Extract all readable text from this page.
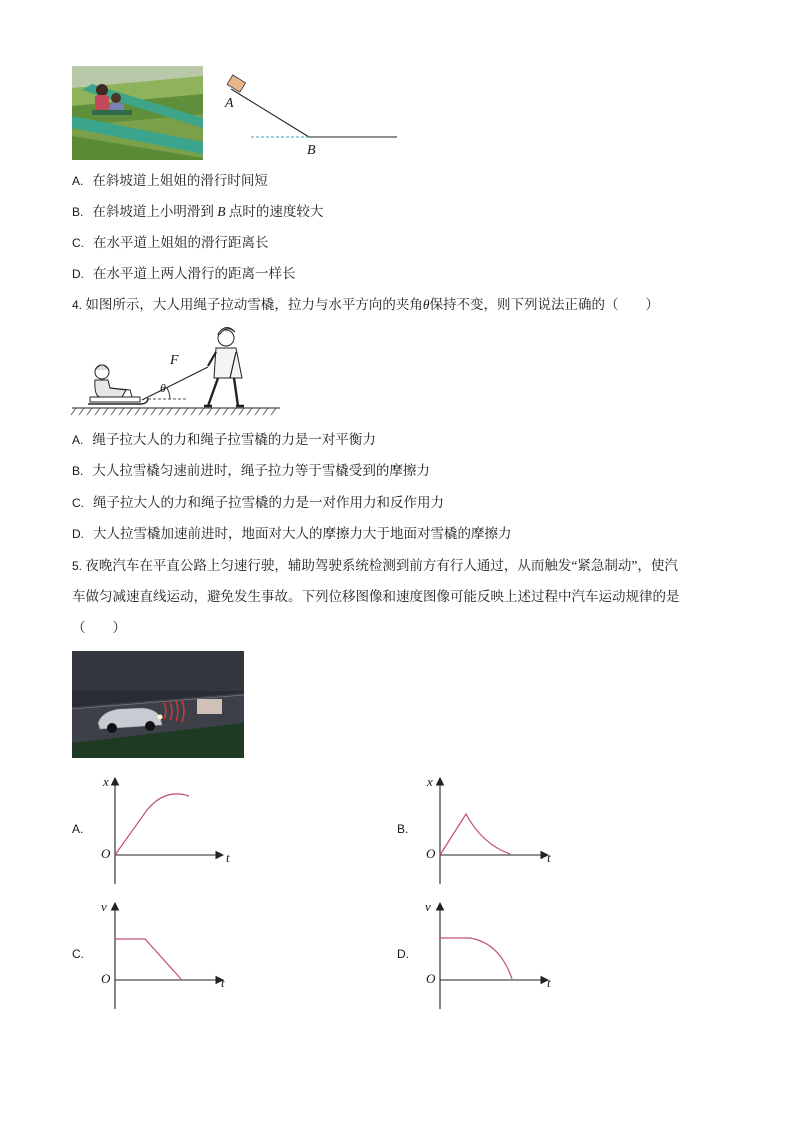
A
B
A. 在斜坡道上姐姐的滑行时间短
B. 在斜坡道上小明滑到 B 点时的速度较大
C. 在水平道上姐姐的滑行距离长
D. 在水平道上两人滑行的距离一样长
4. 如图所示，大人用绳子拉动雪橇，拉力与水平方向的夹角θ保持不变，则下列说法正确的（　　）
F
θ
A. 绳子拉大人的力和绳子拉雪橇的力是一对平衡力
B. 大人拉雪橇匀速前进时，绳子拉力等于雪橇受到的摩擦力
C. 绳子拉大人的力和绳子拉雪橇的力是一对作用力和反作用力
D. 大人拉雪橇加速前进时，地面对大人的摩擦力大于地面对雪橇的摩擦力
5. 夜晚汽车在平直公路上匀速行驶，辅助驾驶系统检测到前方有行人通过，从而触发“紧急制动”，使汽
车做匀减速直线运动，避免发生事故。下列位移图像和速度图像可能反映上述过程中汽车运动规律的是
（　　）
A.
x
t
O
B.
x
t
O
C.
v
t
O
D.
v
t
O
